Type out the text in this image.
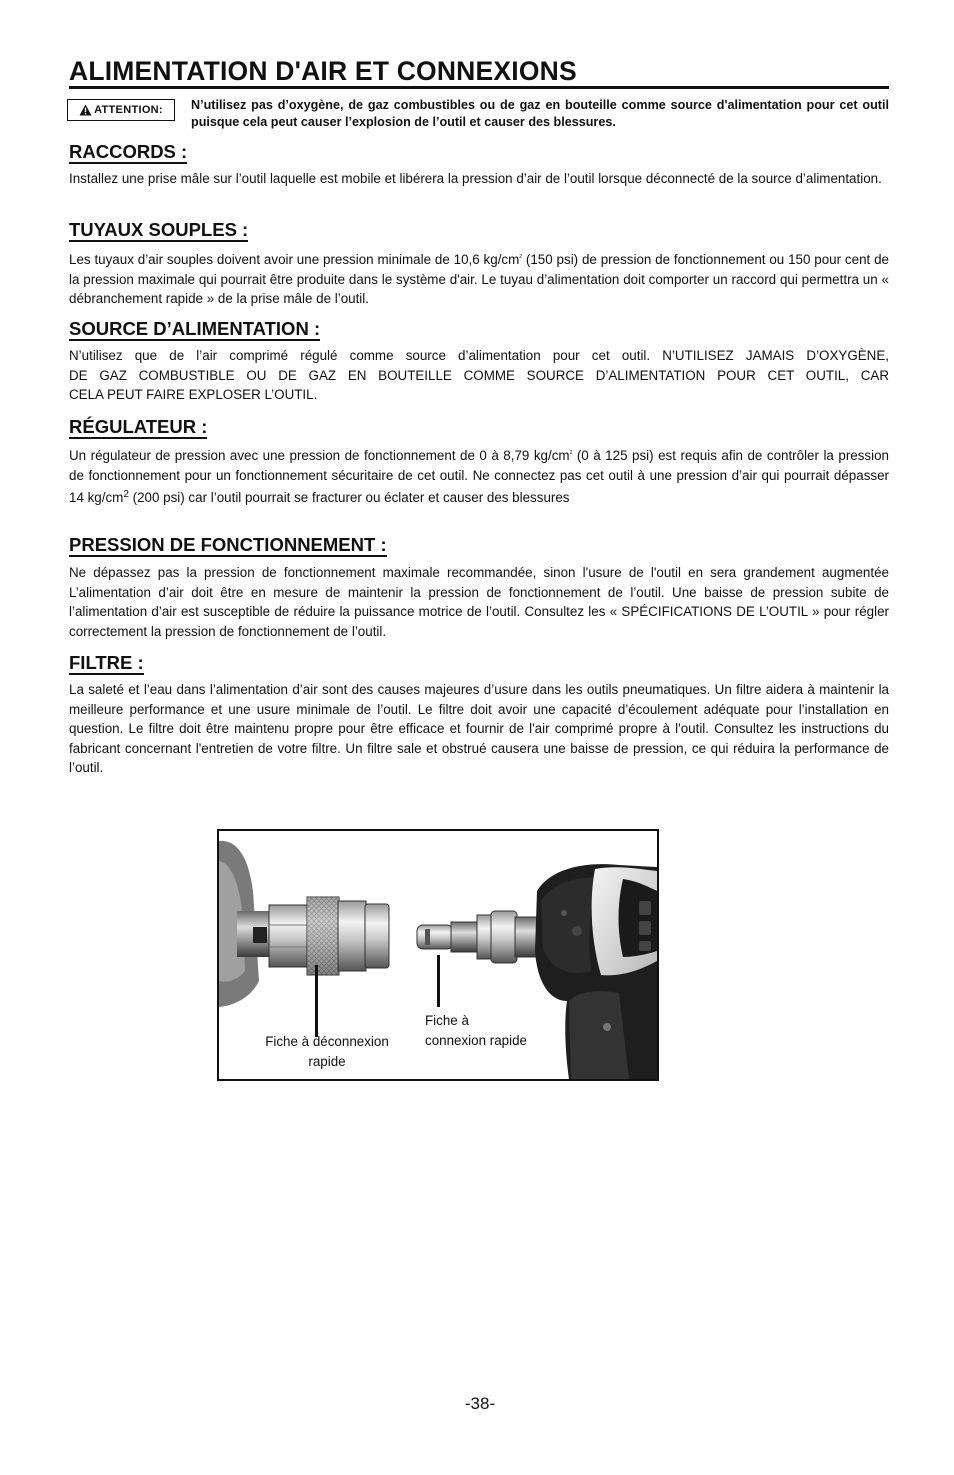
ALIMENTATION D'AIR ET CONNEXIONS
ATTENTION: N’utilisez pas d’oxygène, de gaz combustibles ou de gaz en bouteille comme source d'alimentation pour cet outil puisque cela peut causer l’explosion de l’outil et causer des blessures.

RACCORDS :

Installez une prise mâle sur l’outil laquelle est mobile et libérera la pression d’air de l’outil lorsque déconnecté de la source d’alimentation.

TUYAUX SOUPLES :

Les tuyaux d’air souples doivent avoir une pression minimale de 10,6 $kg/cm^2$ (150 psi) de pression de fonctionnement ou 150 pour cent de la pression maximale qui pourrait être produite dans le système d'air. Le tuyau d’alimentation doit comporter un raccord qui permettra un « débranchement rapide » de la prise mâle de l’outil.

SOURCE D’ALIMENTATION :

N’utilisez que de l’air comprimé régulé comme source d’alimentation pour cet outil. N’UTILISEZ JAMAIS D’OXYGÈNE,
DE GAZ COMBUSTIBLE OU DE GAZ EN BOUTEILLE COMME SOURCE D’ALIMENTATION POUR CET OUTIL, CAR
CELA PEUT FAIRE EXPLOSER L’OUTIL.

RÉGULATEUR :

Un régulateur de pression avec une pression de fonctionnement de 0 à 8,79 $kg/cm^2$ (0 à 125 psi) est requis afin de contrôler la pression de fonctionnement pour un fonctionnement sécuritaire de cet outil. Ne connectez pas cet outil à une pression d’air qui pourrait dépasser 14 $kg/cm^2$ (200 psi) car l’outil pourrait se fracturer ou éclater et causer des blessures

PRESSION DE FONCTIONNEMENT :

Ne dépassez pas la pression de fonctionnement maximale recommandée, sinon l'usure de l'outil en sera grandement augmentée L’alimentation d’air doit être en mesure de maintenir la pression de fonctionnement de l’outil. Une baisse de pression subite de l’alimentation d’air est susceptible de réduire la puissance motrice de l’outil. Consultez les « SPÉCIFICATIONS DE L’OUTIL » pour régler correctement la pression de fonctionnement de l’outil.

FILTRE :

La saleté et l’eau dans l’alimentation d’air sont des causes majeures d’usure dans les outils pneumatiques. Un filtre aidera à maintenir la meilleure performance et une usure minimale de l’outil. Le filtre doit avoir une capacité d’écoulement adéquate pour l’installation en question. Le filtre doit être maintenu propre pour être efficace et fournir de l'air comprimé propre à l'outil. Consultez les instructions du fabricant concernant l'entretien de votre filtre. Un filtre sale et obstrué causera une baisse de pression, ce qui réduira la performance de l’outil.

Fiche à déconnexion
rapide
Fiche à
connexion rapide
-38-
